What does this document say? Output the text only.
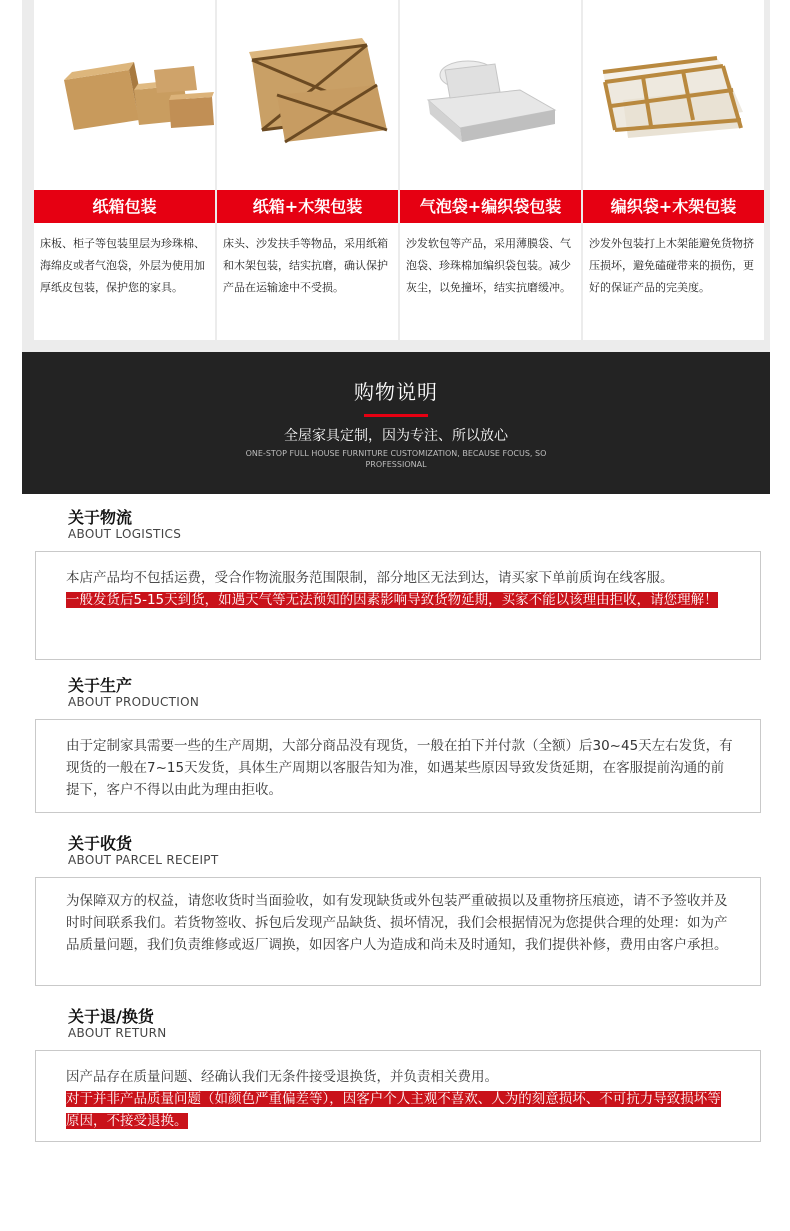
纸箱包装
床板、柜子等包装里层为珍珠棉、海绵皮或者气泡袋，外层为使用加厚纸皮包装，保护您的家具。
纸箱+木架包装
床头、沙发扶手等物品，采用纸箱和木架包装，结实抗磨，确认保护产品在运输途中不受损。
气泡袋+编织袋包装
沙发软包等产品，采用薄膜袋、气泡袋、珍珠棉加编织袋包装。减少灰尘，以免撞坏，结实抗磨缓冲。
编织袋+木架包装
沙发外包装打上木架能避免货物挤压损坏，避免磕碰带来的损伤，更好的保证产品的完美度。
购物说明
全屋家具定制，因为专注、所以放心
ONE-STOP FULL HOUSE FURNITURE CUSTOMIZATION, BECAUSE FOCUS, SO PROFESSIONAL
关于物流
ABOUT LOGISTICS
本店产品均不包括运费，受合作物流服务范围限制，部分地区无法到达，请买家下单前质询在线客服。
一般发货后5-15天到货，如遇天气等无法预知的因素影响导致货物延期，买家不能以该理由拒收，请您理解！
关于生产
ABOUT PRODUCTION
由于定制家具需要一些的生产周期，大部分商品没有现货，一般在拍下并付款（全额）后30~45天左右发货，有现货的一般在7~15天发货，具体生产周期以客服告知为准，如遇某些原因导致发货延期，在客服提前沟通的前提下，客户不得以由此为理由拒收。
关于收货
ABOUT PARCEL RECEIPT
为保障双方的权益，请您收货时当面验收，如有发现缺货或外包装严重破损以及重物挤压痕迹，请不予签收并及时时间联系我们。若货物签收、拆包后发现产品缺货、损坏情况，我们会根据情况为您提供合理的处理：如为产品质量问题，我们负责维修或返厂调换，如因客户人为造成和尚未及时通知，我们提供补修，费用由客户承担。
关于退/换货
ABOUT RETURN
因产品存在质量问题、经确认我们无条件接受退换货，并负责相关费用。
对于并非产品质量问题（如颜色严重偏差等），因客户个人主观不喜欢、人为的刻意损坏、不可抗力导致损坏等原因，不接受退换。
